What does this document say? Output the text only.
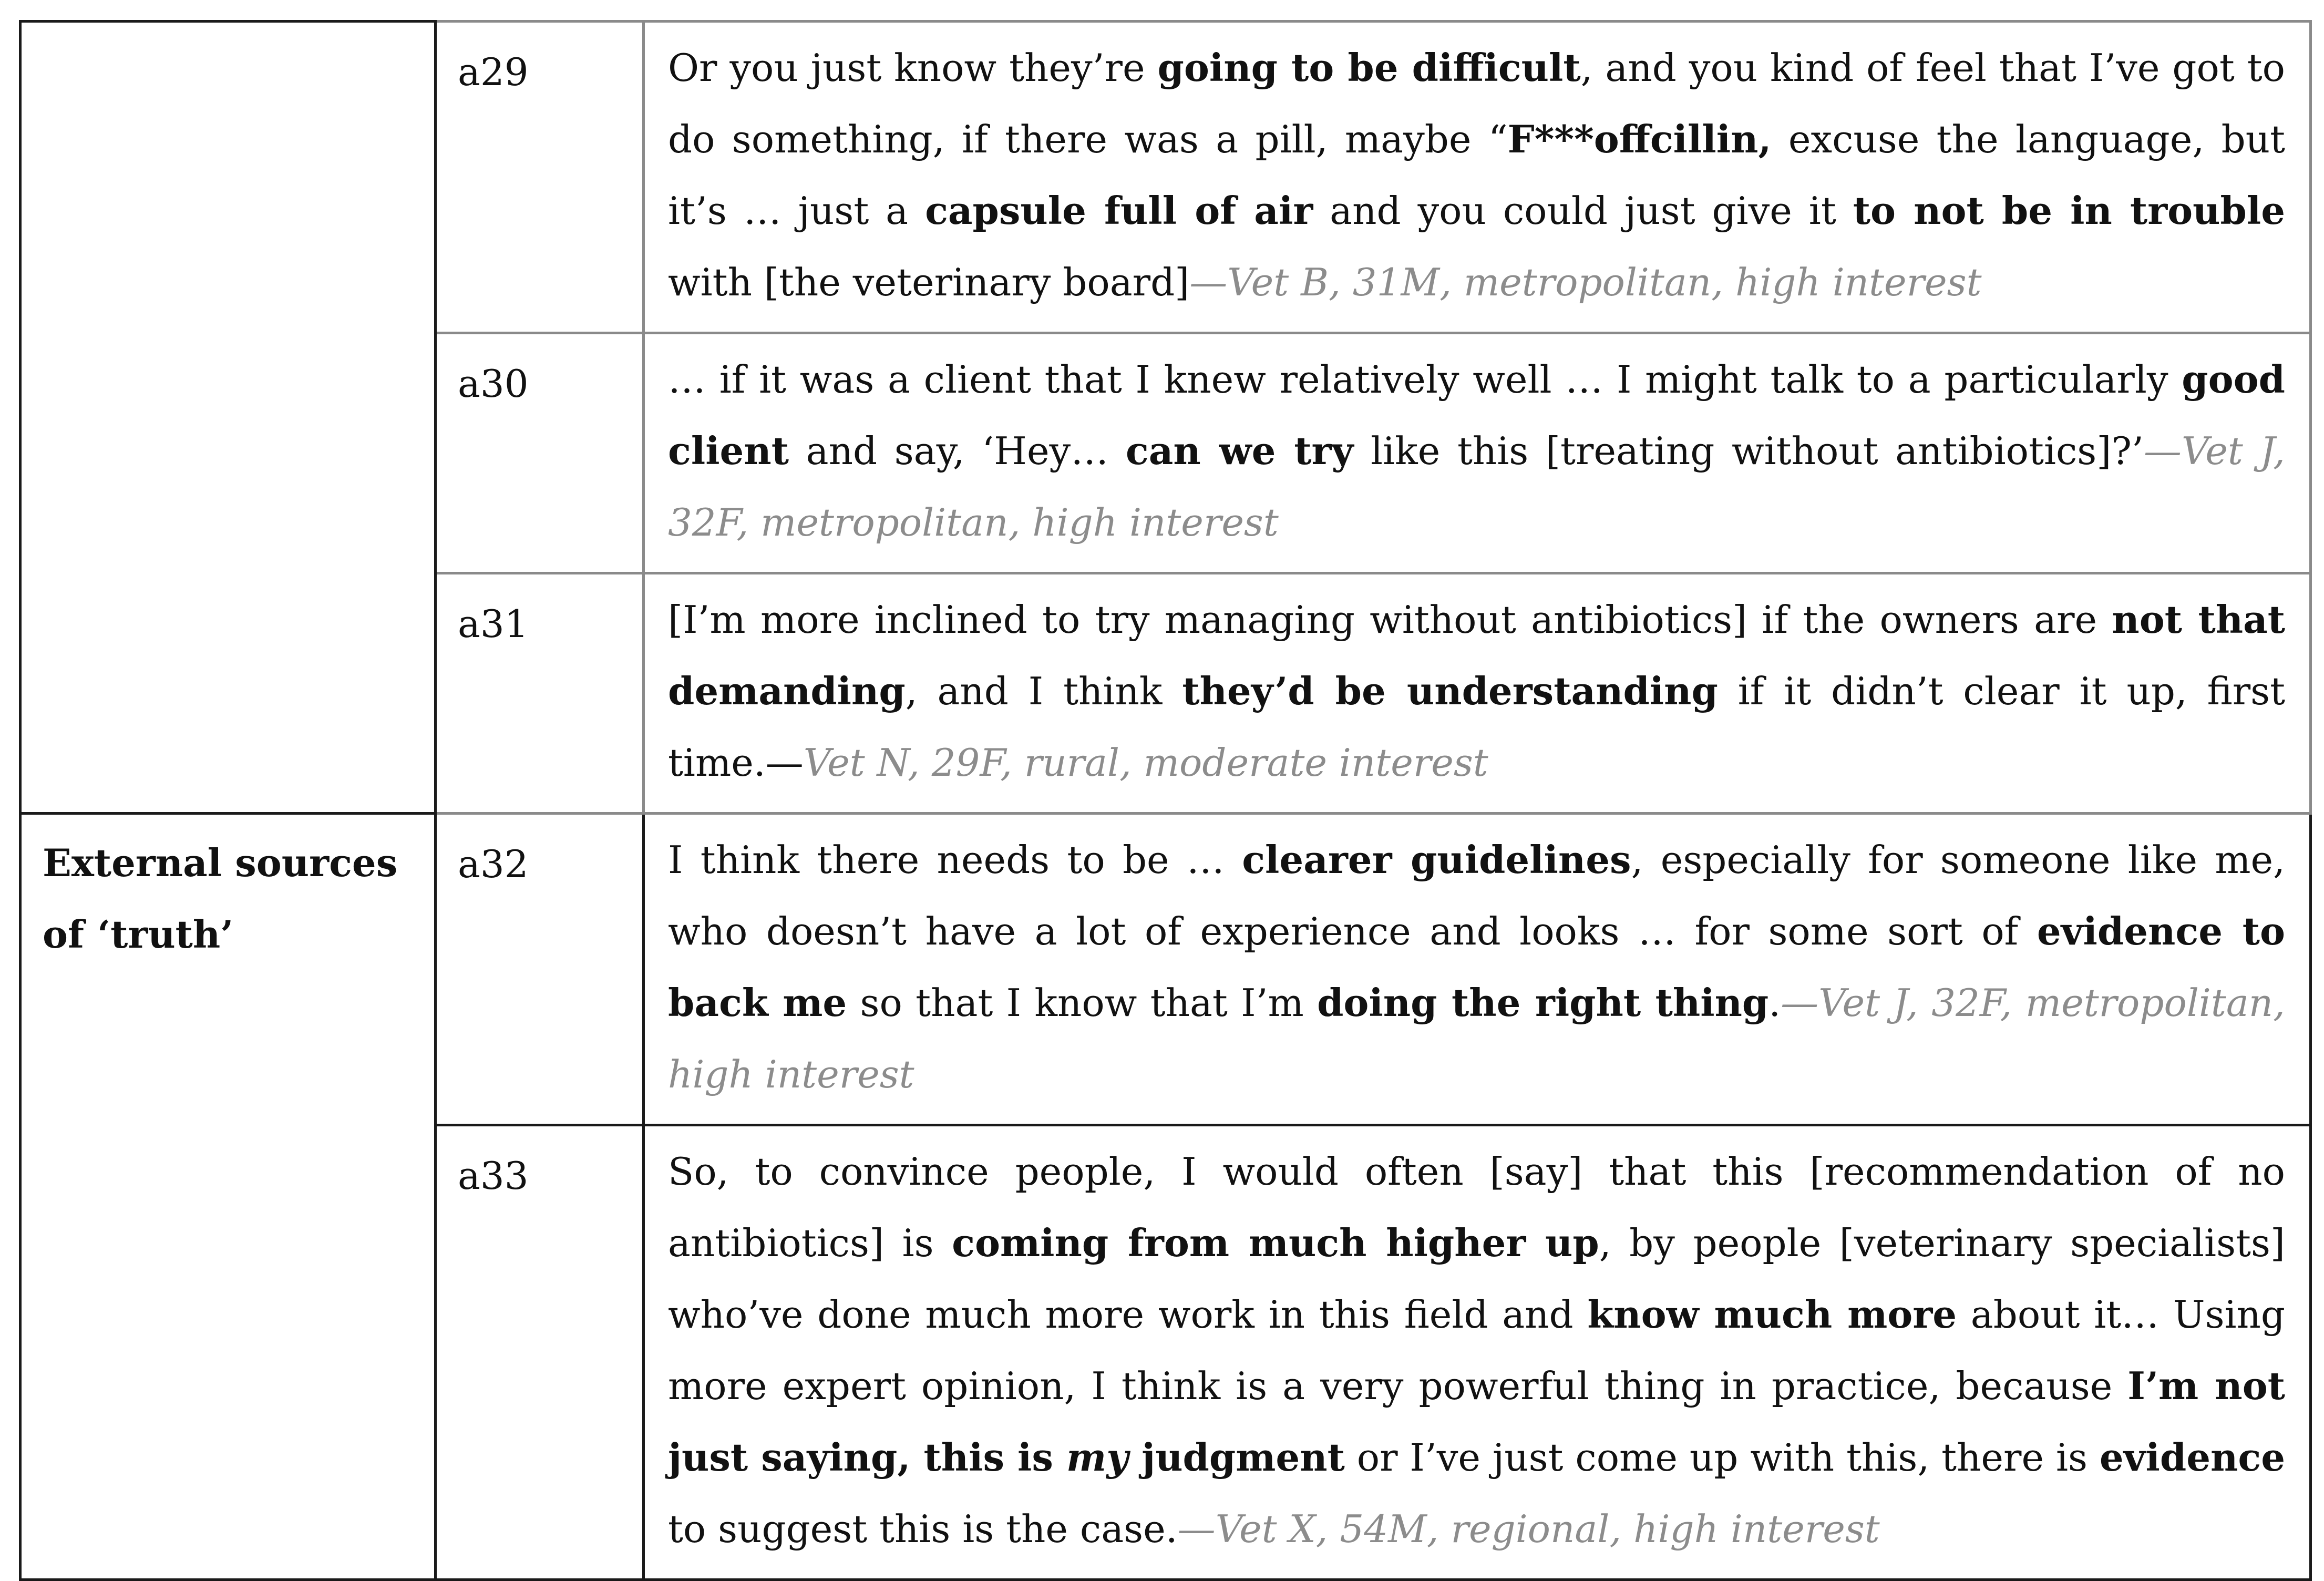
	a29	Or you just know they’re going to be difficult, and you kind of feel that I’ve got to do something, if there was a pill, maybe “F***offcillin, excuse the language, but it’s … just a capsule full of air and you could just give it to not be in trouble with [the veterinary board]—Vet B, 31M, metropolitan, high interest
	a30	… if it was a client that I knew relatively well … I might talk to a particularly good client and say, ‘Hey… can we try like this [treating without antibiotics]?’—Vet J, 32F, metropolitan, high interest
	a31	[I’m more inclined to try managing without antibiotics] if the owners are not that demanding, and I think they’d be understanding if it didn’t clear it up, first time.—Vet N, 29F, rural, moderate interest
External sources of ‘truth’	a32	I think there needs to be … clearer guidelines, especially for someone like me, who doesn’t have a lot of experience and looks … for some sort of evidence to back me so that I know that I’m doing the right thing.—Vet J, 32F, metropolitan, high interest
	a33	So, to convince people, I would often [say] that this [recommendation of no antibiotics] is coming from much higher up, by people [veterinary specialists] who’ve done much more work in this field and know much more about it… Using more expert opinion, I think is a very powerful thing in practice, because I’m not just saying, this is my judgment or I’ve just come up with this, there is evidence to suggest this is the case.—Vet X, 54M, regional, high interest
